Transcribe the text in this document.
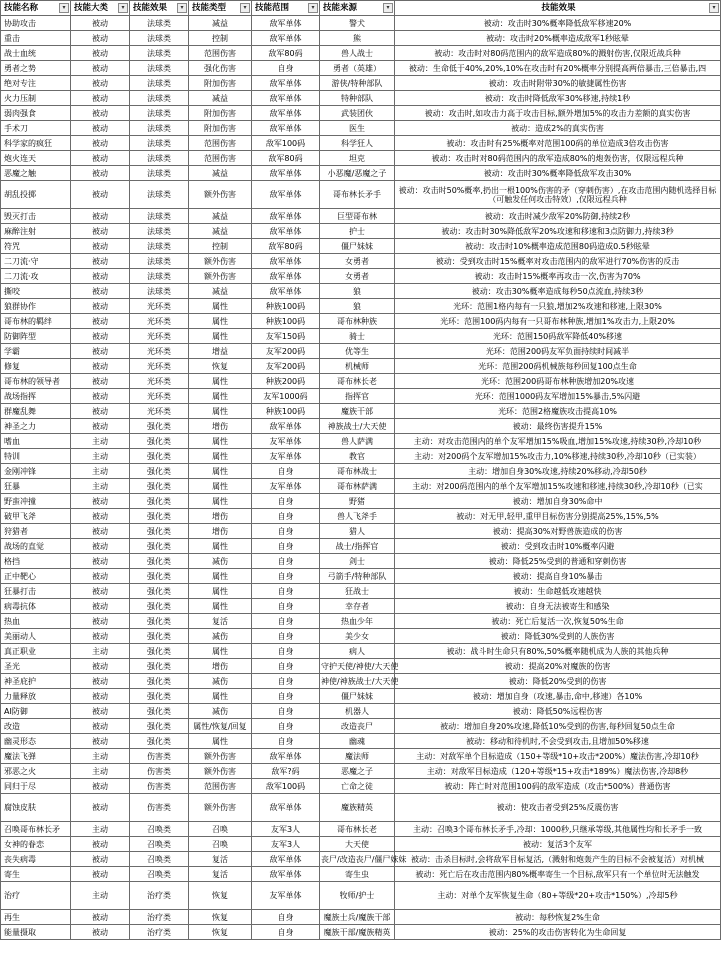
技能名称 ▾	技能大类 ▾	技能效果 ▾	技能类型 ▾	技能范围 ▾	技能来源 ▾	技能效果 ▾

协助攻击	被动	法球类	减益	敌军单体	警犬	被动：攻击时30%概率降低敌军移速20%
重击	被动	法球类	控制	敌军单体	熊	被动：攻击时20%概率造成敌军1秒眩晕
战士血统	被动	法球类	范围伤害	敌军80码	兽人战士	被动：攻击时对80码范围内的敌军造成80%的溅射伤害,仅限近战兵种
勇者之势	被动	法球类	强化伤害	自身	勇者（英雄）	被动：生命低于40%,20%,10%在攻击时有20%概率分别提高两倍暴击,三倍暴击,四
绝对专注	被动	法球类	附加伤害	敌军单体	游侠/特种部队	被动：攻击时附带30%的敏捷属性伤害
火力压制	被动	法球类	减益	敌军单体	特种部队	被动：攻击时降低敌军30%移速,持续1秒
弱肉强食	被动	法球类	附加伤害	敌军单体	武装团伙	被动：攻击时,如攻击力高于攻击目标,额外增加5%的攻击力差额的真实伤害
手术刀	被动	法球类	附加伤害	敌军单体	医生	被动：造成2%的真实伤害
科学家的疯狂	被动	法球类	范围伤害	敌军100码	科学狂人	被动：攻击时有25%概率对范围100码的单位造成3倍攻击伤害
炮火连天	被动	法球类	范围伤害	敌军80码	坦克	被动：攻击时对80码范围内的敌军造成80%的炮轰伤害，仅限远程兵种
恶魔之触	被动	法球类	减益	敌军单体	小恶魔/恶魔之子	被动：攻击时30%概率降低敌军攻击30%
胡乱投掷	被动	法球类	额外伤害	敌军单体	哥布林长矛手	被动：攻击时50%概率,扔出一根100%伤害的矛（穿刺伤害）,在攻击范围内随机选择目标（可触发任何攻击特效）,仅限远程兵种
毁灭打击	被动	法球类	减益	敌军单体	巨型哥布林	被动：攻击时减少敌军20%防御,持续2秒
麻醉注射	被动	法球类	减益	敌军单体	护士	被动：攻击时30%降低敌军20%攻速和移速和3点防御力,持续3秒
符咒	被动	法球类	控制	敌军80码	僵尸妹妹	被动：攻击时10%概率造成范围80码造成0.5秒眩晕
二刀流·守	被动	法球类	额外伤害	敌军单体	女勇者	被动：受到攻击时15%概率对攻击范围内的敌军进行70%伤害的反击
二刀流·攻	被动	法球类	额外伤害	敌军单体	女勇者	被动：攻击时15%概率再攻击一次,伤害为70%
撕咬	被动	法球类	减益	敌军单体	狼	被动：攻击30%概率造成每秒50点流血,持续3秒
狼群协作	被动	光环类	属性	种族100码	狼	光环：范围1格内每有一只狼,增加2%攻速和移速,上限30%
哥布林的羁绊	被动	光环类	属性	种族100码	哥布林种族	光环：范围100码内每有一只哥布林种族,增加1%攻击力,上限20%
防御阵型	被动	光环类	属性	友军150码	骑士	光环：范围150码敌军降低40%移速
学霸	被动	光环类	增益	友军200码	优等生	光环：范围200码友军负面持续时间减半
修复	被动	光环类	恢复	友军200码	机械师	光环：范围200码机械族每秒回复100点生命
哥布林的领导者	被动	光环类	属性	种族200码	哥布林长老	光环：范围200码哥布林种族增加20%攻速
战场指挥	被动	光环类	属性	友军1000码	指挥官	光环：范围1000码友军增加15%暴击,5%闪避
群魔乱舞	被动	光环类	属性	种族100码	魔族干部	光环：范围2格魔族攻击提高10%
神圣之力	被动	强化类	增伤	敌军单体	神族战士/大天使	被动：最终伤害提升15%
嗜血	主动	强化类	属性	友军单体	兽人萨满	主动：对攻击范围内的单个友军增加15%吸血,增加15%攻速,持续30秒,冷却10秒
特训	主动	强化类	属性	友军单体	教官	主动：对200码个友军增加15%攻击力,10%移速,持续30秒,冷却10秒（已实装）
金刚冲锋	主动	强化类	属性	自身	哥布林战士	主动：增加自身30%攻速,持续20%移动,冷却50秒
狂暴	主动	强化类	属性	友军单体	哥布林萨满	主动：对200码范围内的单个友军增加15%攻速和移速,持续30秒,冷却10秒（已实
野蛮冲撞	被动	强化类	属性	自身	野猪	被动：增加自身30%命中
破甲飞斧	被动	强化类	增伤	自身	兽人飞斧手	被动：对无甲,轻甲,重甲目标伤害分别提高25%,15%,5%
狩猎者	被动	强化类	增伤	自身	猎人	被动：提高30%对野兽族造成的伤害
战场的直觉	被动	强化类	属性	自身	战士/指挥官	被动：受到攻击时10%概率闪避
格挡	被动	强化类	减伤	自身	剑士	被动：降低25%受到的普通和穿刺伤害
正中靶心	被动	强化类	属性	自身	弓箭手/特种部队	被动：提高自身10%暴击
狂暴打击	被动	强化类	属性	自身	狂战士	被动：生命越低攻速越快
病毒抗体	被动	强化类	属性	自身	幸存者	被动：自身无法被寄生和感染
热血	被动	强化类	复活	自身	热血少年	被动：死亡后复活一次,恢复50%生命
美丽动人	被动	强化类	减伤	自身	美少女	被动：降低30%受到的人族伤害
真正职业	主动	强化类	属性	自身	病人	被动：战斗时生命只有80%,50%概率随机成为人族的其他兵种
圣光	被动	强化类	增伤	自身	守护天使/神使/大天使	被动：提高20%对魔族的伤害
神圣庇护	被动	强化类	减伤	自身	神使/神族战士/大天使	被动：降低20%受到的伤害
力量释放	被动	强化类	属性	自身	僵尸妹妹	被动：增加自身（攻速,暴击,命中,移速）各10%
AI防御	被动	强化类	减伤	自身	机器人	被动：降低50%远程伤害
改造	被动	强化类	属性/恢复/回复	自身	改造丧尸	被动：增加自身20%攻速,降低10%受到的伤害,每秒回复50点生命
幽灵形态	被动	强化类	属性	自身	幽魂	被动：移动和待机时,不会受到攻击,且增加50%移速
魔法飞弹	主动	伤害类	额外伤害	敌军单体	魔法师	主动：对敌军单个目标造成（150+等级*10+攻击*200%）魔法伤害,冷却10秒
邪恶之火	主动	伤害类	额外伤害	敌军?码	恶魔之子	主动：对敌军目标造成（120+等级*15+攻击*189%）魔法伤害,冷却8秒
同归于尽	被动	伤害类	范围伤害	敌军100码	亡命之徒	被动：阵亡时对范围100码的敌军造成（攻击*500%）普通伤害
腐蚀皮肤	被动	伤害类	额外伤害	敌军单体	魔族精英	被动：使攻击者受到25%反震伤害
召唤哥布林长矛	主动	召唤类	召唤	友军3人	哥布林长老	主动：召唤3个哥布林长矛手,冷却：1000秒,只继承等级,其他属性均和长矛手一致
女神的眷恋	被动	召唤类	召唤	友军3人	大天使	被动：复活3个友军
丧失病毒	被动	召唤类	复活	敌军单体	丧尸/改造丧尸/僵尸妹妹	被动：击杀目标时,会将敌军目标复活,（溅射和炮轰产生的目标不会被复活）对机械
寄生	被动	召唤类	复活	敌军单体	寄生虫	被动：死亡后在攻击范围内80%概率寄生一个目标,敌军只有一个单位时无法触发
治疗	主动	治疗类	恢复	友军单体	牧师/护士	主动：对单个友军恢复生命（80+等级*20+攻击*150%）,冷却5秒
再生	被动	治疗类	恢复	自身	魔族士兵/魔族干部	被动：每秒恢复2%生命
能量摄取	被动	治疗类	恢复	自身	魔族干部/魔族精英	被动：25%的攻击伤害转化为生命回复
